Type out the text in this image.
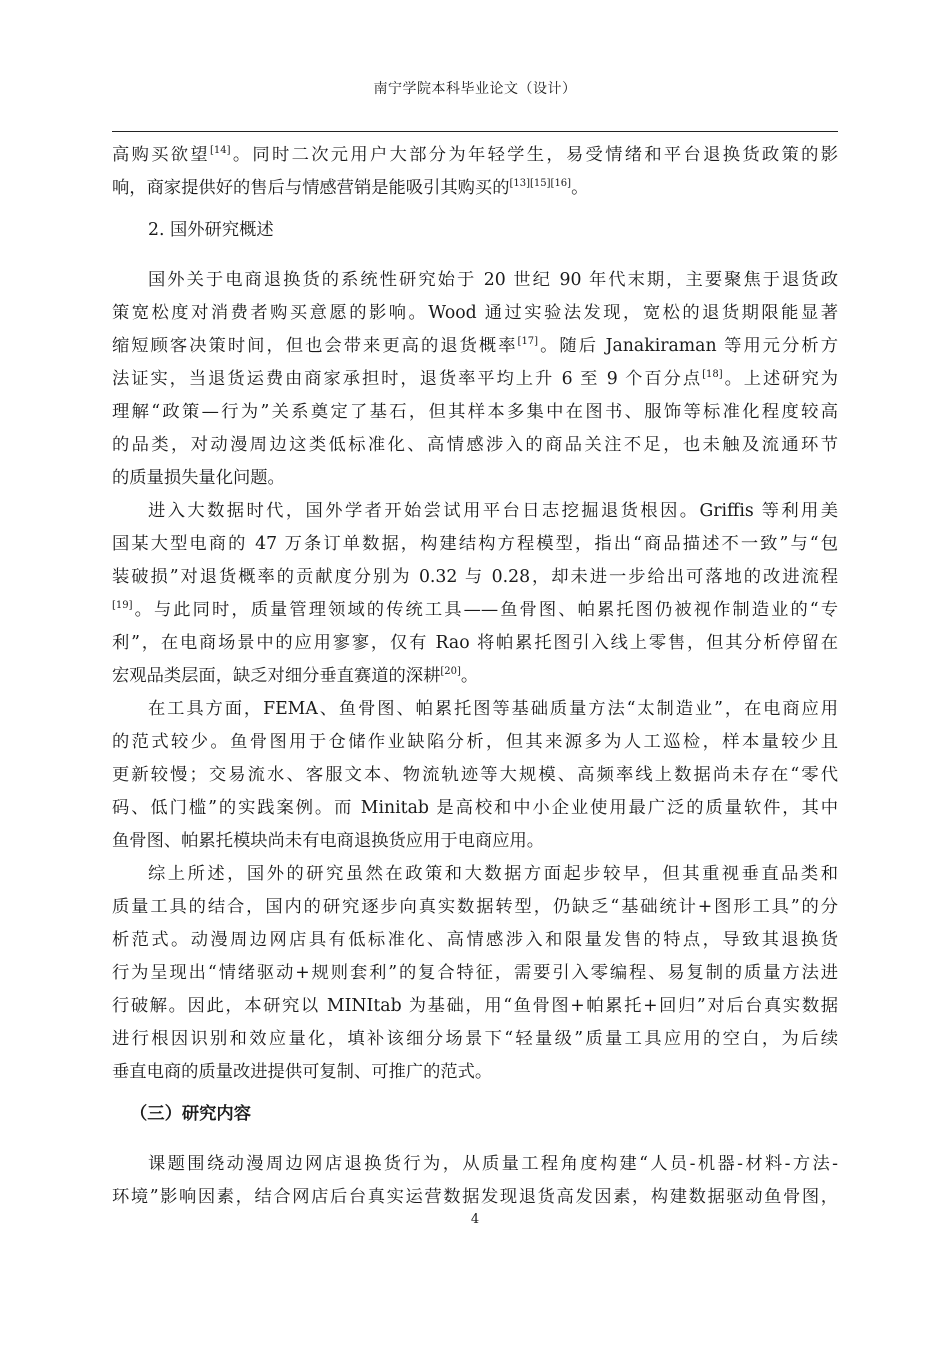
南宁学院本科毕业论文（设计）
高购买欲望[14]。同时二次元用户大部分为年轻学生，易受情绪和平台退换货政策的影
响，商家提供好的售后与情感营销是能吸引其购买的[13][15][16]。
2. 国外研究概述
国外关于电商退换货的系统性研究始于 20 世纪 90 年代末期，主要聚焦于退货政
策宽松度对消费者购买意愿的影响。Wood 通过实验法发现，宽松的退货期限能显著
缩短顾客决策时间，但也会带来更高的退货概率[17]。随后 Janakiraman 等用元分析方
法证实，当退货运费由商家承担时，退货率平均上升 6 至 9 个百分点[18]。上述研究为
理解“政策—行为”关系奠定了基石，但其样本多集中在图书、服饰等标准化程度较高
的品类，对动漫周边这类低标准化、高情感涉入的商品关注不足，也未触及流通环节
的质量损失量化问题。
进入大数据时代，国外学者开始尝试用平台日志挖掘退货根因。Griffis 等利用美
国某大型电商的 47 万条订单数据，构建结构方程模型，指出“商品描述不一致”与“包
装破损”对退货概率的贡献度分别为 0.32 与 0.28，却未进一步给出可落地的改进流程
[19]。与此同时，质量管理领域的传统工具——鱼骨图、帕累托图仍被视作制造业的“专
利”，在电商场景中的应用寥寥，仅有 Rao 将帕累托图引入线上零售，但其分析停留在
宏观品类层面，缺乏对细分垂直赛道的深耕[20]。
在工具方面，FEMA、鱼骨图、帕累托图等基础质量方法“太制造业”，在电商应用
的范式较少。鱼骨图用于仓储作业缺陷分析，但其来源多为人工巡检，样本量较少且
更新较慢；交易流水、客服文本、物流轨迹等大规模、高频率线上数据尚未存在“零代
码、低门槛”的实践案例。而 Minitab 是高校和中小企业使用最广泛的质量软件，其中
鱼骨图、帕累托模块尚未有电商退换货应用于电商应用。
综上所述，国外的研究虽然在政策和大数据方面起步较早，但其重视垂直品类和
质量工具的结合，国内的研究逐步向真实数据转型，仍缺乏“基础统计+图形工具”的分
析范式。动漫周边网店具有低标准化、高情感涉入和限量发售的特点，导致其退换货
行为呈现出“情绪驱动+规则套利”的复合特征，需要引入零编程、易复制的质量方法进
行破解。因此，本研究以 MINItab 为基础，用“鱼骨图+帕累托+回归”对后台真实数据
进行根因识别和效应量化，填补该细分场景下“轻量级”质量工具应用的空白，为后续
垂直电商的质量改进提供可复制、可推广的范式。
（三）研究内容
课题围绕动漫周边网店退换货行为，从质量工程角度构建“人员-机器-材料-方法-
环境”影响因素，结合网店后台真实运营数据发现退货高发因素，构建数据驱动鱼骨图，
4
